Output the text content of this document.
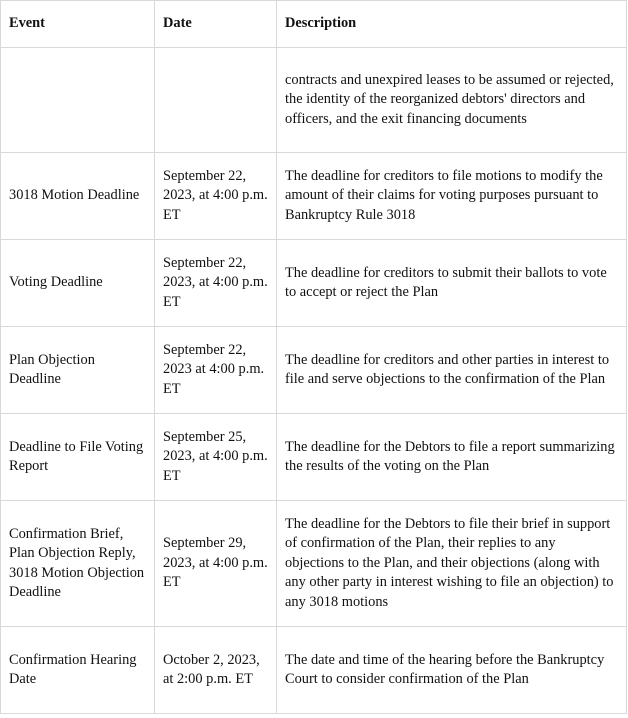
Event	Date	Description
		contracts and unexpired leases to be assumed or rejected, the identity of the reorganized debtors' directors and officers, and the exit financing documents
3018 Motion Deadline	September 22, 2023, at 4:00 p.m. ET	The deadline for creditors to file motions to modify the amount of their claims for voting purposes pursuant to Bankruptcy Rule 3018
Voting Deadline	September 22, 2023, at 4:00 p.m. ET	The deadline for creditors to submit their ballots to vote to accept or reject the Plan
Plan Objection Deadline	September 22, 2023 at 4:00 p.m. ET	The deadline for creditors and other parties in interest to file and serve objections to the confirmation of the Plan
Deadline to File Voting Report	September 25, 2023, at 4:00 p.m. ET	The deadline for the Debtors to file a report summarizing the results of the voting on the Plan
Confirmation Brief, Plan Objection Reply, 3018 Motion Objection Deadline	September 29, 2023, at 4:00 p.m. ET	The deadline for the Debtors to file their brief in support of confirmation of the Plan, their replies to any objections to the Plan, and their objections (along with any other party in interest wishing to file an objection) to any 3018 motions
Confirmation Hearing Date	October 2, 2023, at 2:00 p.m. ET	The date and time of the hearing before the Bankruptcy Court to consider confirmation of the Plan
